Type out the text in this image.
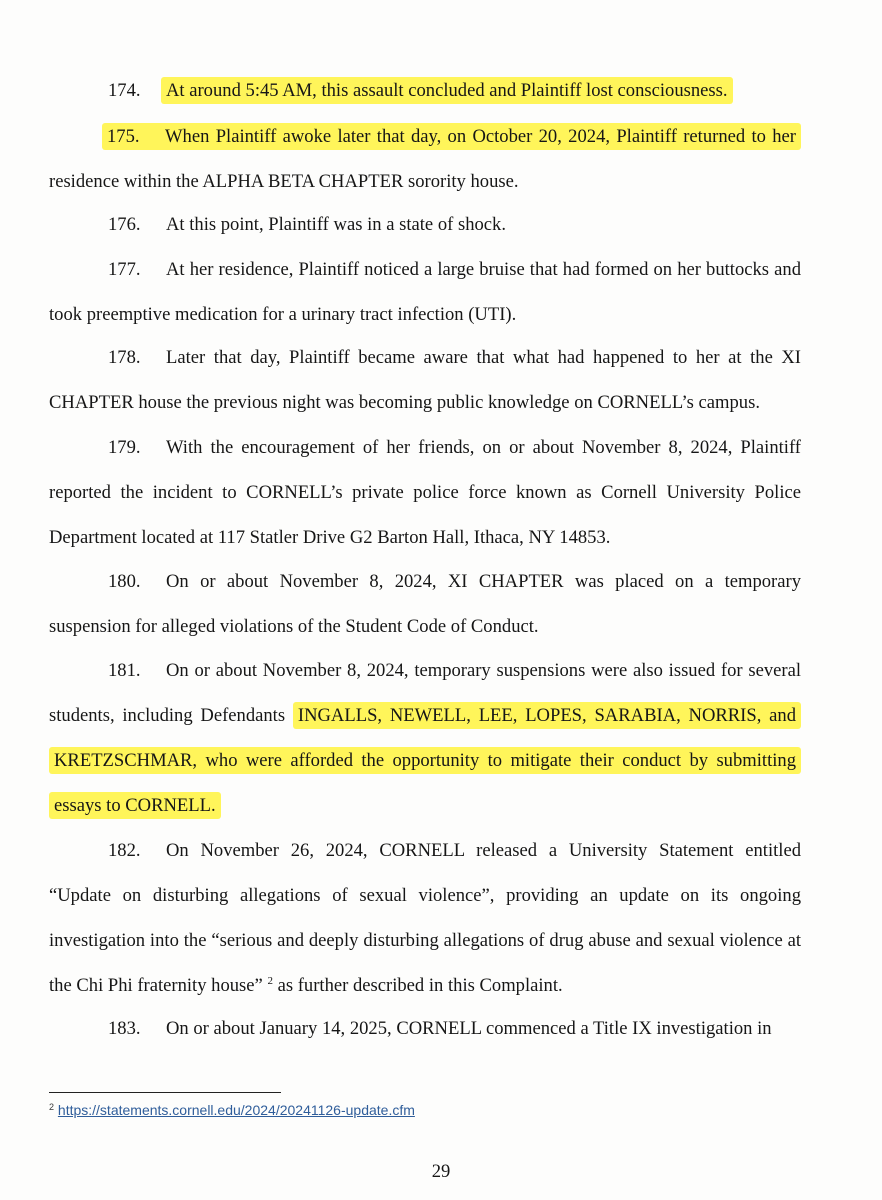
174. At around 5:45 AM, this assault concluded and Plaintiff lost consciousness.

175. When Plaintiff awoke later that day, on October 20, 2024, Plaintiff returned to her residence within the ALPHA BETA CHAPTER sorority house.

176. At this point, Plaintiff was in a state of shock.

177. At her residence, Plaintiff noticed a large bruise that had formed on her buttocks and took preemptive medication for a urinary tract infection (UTI).

178. Later that day, Plaintiff became aware that what had happened to her at the XI CHAPTER house the previous night was becoming public knowledge on CORNELL’s campus.

179. With the encouragement of her friends, on or about November 8, 2024, Plaintiff reported the incident to CORNELL’s private police force known as Cornell University Police Department located at 117 Statler Drive G2 Barton Hall, Ithaca, NY 14853.

180. On or about November 8, 2024, XI CHAPTER was placed on a temporary suspension for alleged violations of the Student Code of Conduct.

181. On or about November 8, 2024, temporary suspensions were also issued for several students, including Defendants INGALLS, NEWELL, LEE, LOPES, SARABIA, NORRIS, and KRETZSCHMAR, who were afforded the opportunity to mitigate their conduct by submitting essays to CORNELL.

182. On November 26, 2024, CORNELL released a University Statement entitled “Update on disturbing allegations of sexual violence”, providing an update on its ongoing investigation into the “serious and deeply disturbing allegations of drug abuse and sexual violence at the Chi Phi fraternity house” $^2$ as further described in this Complaint.

183. On or about January 14, 2025, CORNELL commenced a Title IX investigation in

$^2$ https://statements.cornell.edu/2024/20241126-update.cfm
29
